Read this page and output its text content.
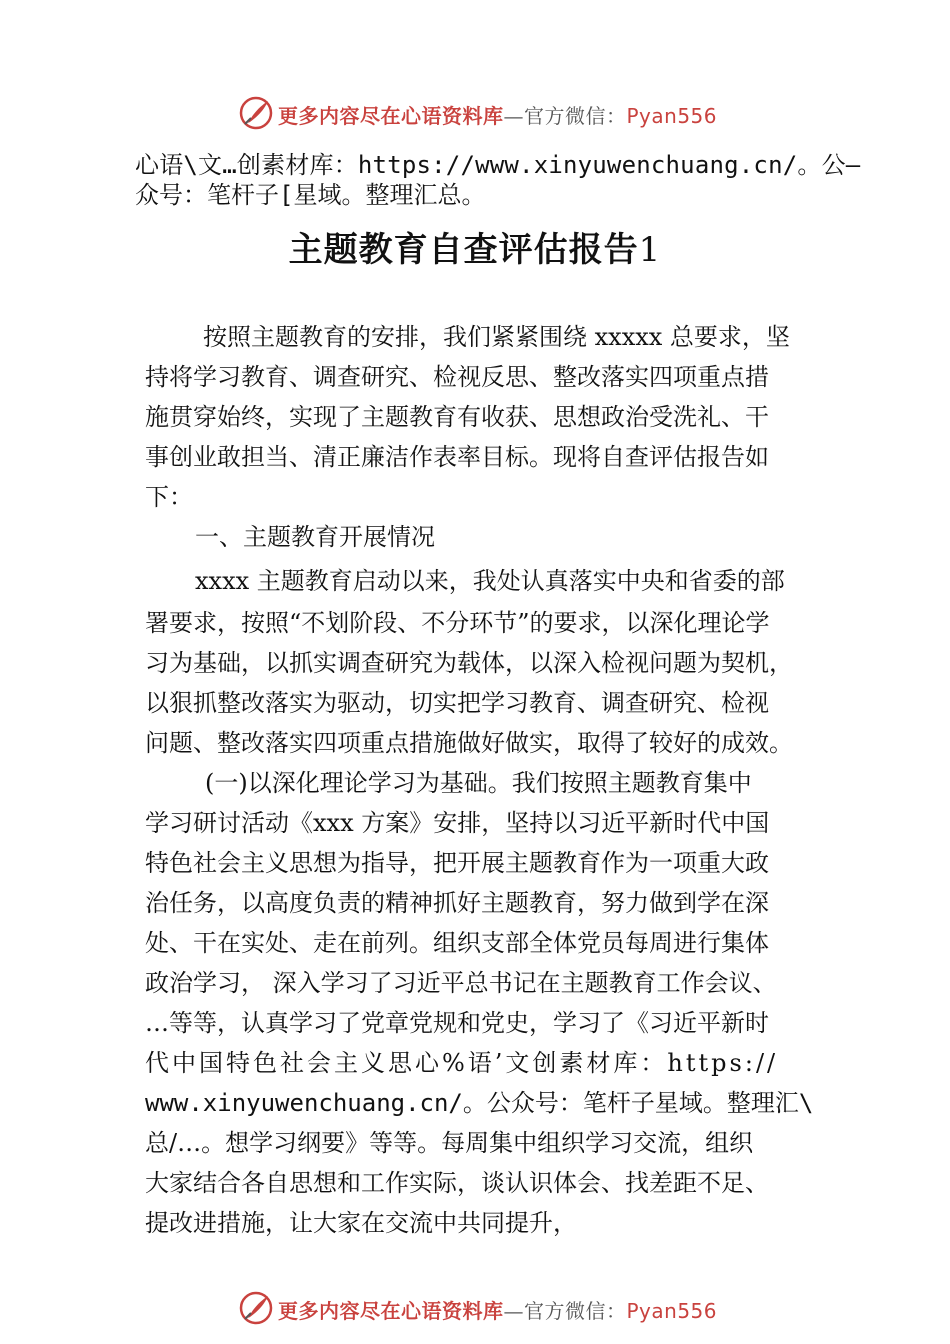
更多内容尽在心语资料库—官方微信：Pyan556
心语\文…创素材库：https://www.xinyuwenchuang.cn/。公—
众号：笔杆子[星域。整理汇总。
主题教育自查评估报告1
按照主题教育的安排，我们紧紧围绕 xxxxx 总要求，坚
持将学习教育、调查研究、检视反思、整改落实四项重点措
施贯穿始终，实现了主题教育有收获、思想政治受洗礼、干
事创业敢担当、清正廉洁作表率目标。现将自查评估报告如
下：
一、主题教育开展情况
xxxx 主题教育启动以来，我处认真落实中央和省委的部
署要求，按照“不划阶段、不分环节”的要求，以深化理论学
习为基础，以抓实调查研究为载体，以深入检视问题为契机，
以狠抓整改落实为驱动，切实把学习教育、调查研究、检视
问题、整改落实四项重点措施做好做实，取得了较好的成效。
(一)以深化理论学习为基础。我们按照主题教育集中
学习研讨活动《xxx 方案》安排，坚持以习近平新时代中国
特色社会主义思想为指导，把开展主题教育作为一项重大政
治任务，以高度负责的精神抓好主题教育，努力做到学在深
处、干在实处、走在前列。组织支部全体党员每周进行集体
政治学习， 深入学习了习近平总书记在主题教育工作会议、
…等等，认真学习了党章党规和党史，学习了《习近平新时
代中国特色社会主义思心%语’文创素材库：https://
www.xinyuwenchuang.cn/。公众号：笔杆子星域。整理汇\
总/…。想学习纲要》等等。每周集中组织学习交流，组织
大家结合各自思想和工作实际，谈认识体会、找差距不足、
提改进措施，让大家在交流中共同提升，
更多内容尽在心语资料库—官方微信：Pyan556
